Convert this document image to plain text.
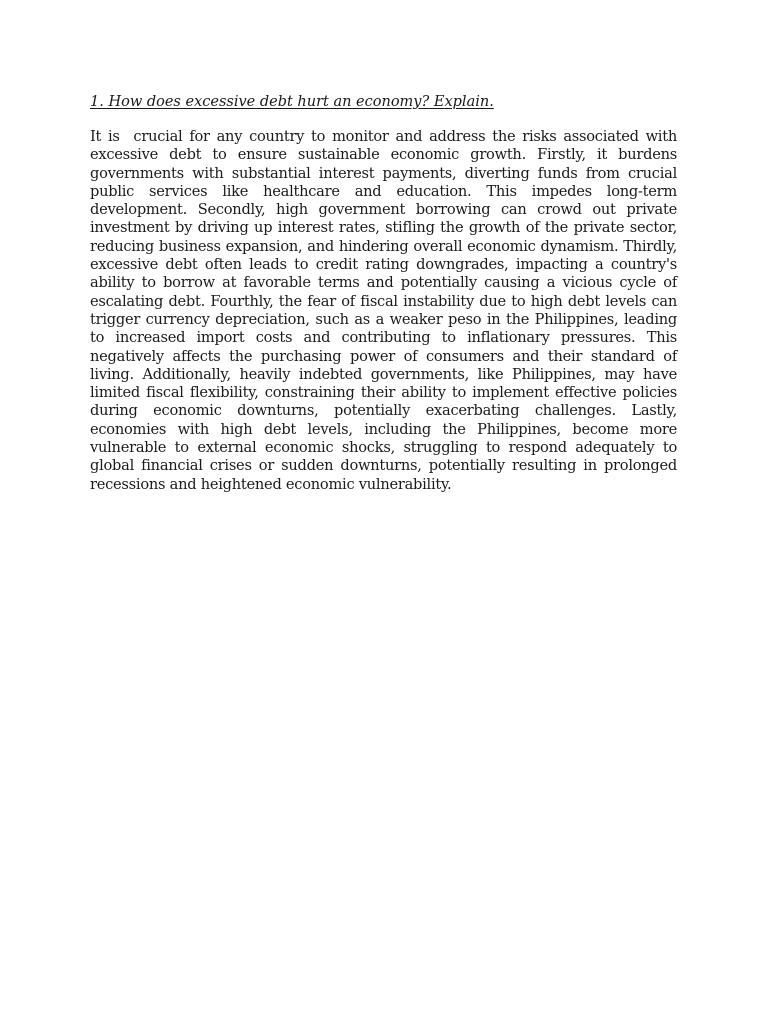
1. How does excessive debt hurt an economy? Explain.

It is  crucial for any country to monitor and address the risks associated with excessive debt to ensure sustainable economic growth. Firstly, it burdens governments with substantial interest payments, diverting funds from crucial public services like healthcare and education. This impedes long-term development. Secondly, high government borrowing can crowd out private investment by driving up interest rates, stifling the growth of the private sector, reducing business expansion, and hindering overall economic dynamism. Thirdly, excessive debt often leads to credit rating downgrades, impacting a country's ability to borrow at favorable terms and potentially causing a vicious cycle of escalating debt. Fourthly, the fear of fiscal instability due to high debt levels can trigger currency depreciation, such as a weaker peso in the Philippines, leading to increased import costs and contributing to inflationary pressures. This negatively affects the purchasing power of consumers and their standard of living. Additionally, heavily indebted governments, like Philippines, may have limited fiscal flexibility, constraining their ability to implement effective policies during economic downturns, potentially exacerbating challenges. Lastly, economies with high debt levels, including the Philippines, become more vulnerable to external economic shocks, struggling to respond adequately to global financial crises or sudden downturns, potentially resulting in prolonged recessions and heightened economic vulnerability.
